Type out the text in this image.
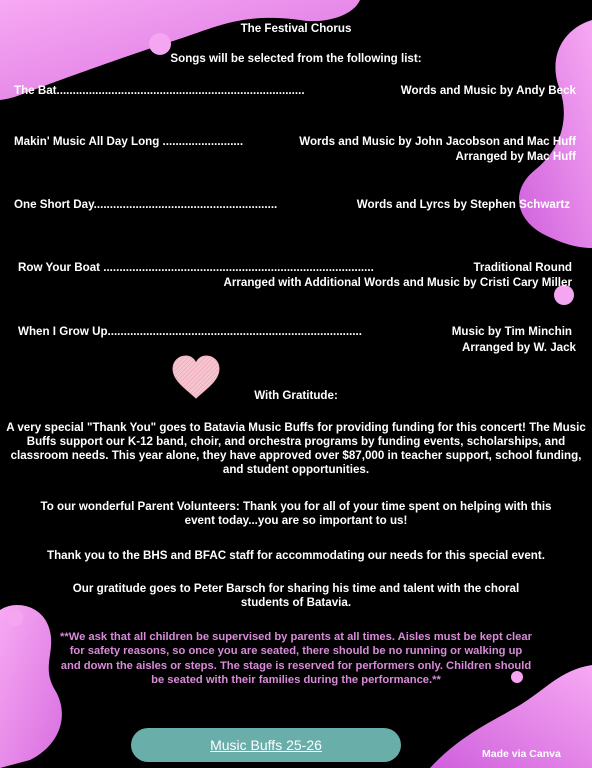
The Festival Chorus
Songs will be selected from the following list:
The Bat.............................................................................	Words and Music by Andy Beck
Makin' Music All Day Long .........................	Words and Music by John Jacobson and Mac Huff
Arranged by Mac Huff
One Short Day.........................................................	Words and Lyrcs by Stephen Schwartz
Row Your Boat ....................................................................................	Traditional Round
Arranged with Additional Words and Music by Cristi Cary Miller
When I Grow Up...............................................................................	Music by Tim Minchin
Arranged by W. Jack
With Gratitude:
A very special "Thank You" goes to Batavia Music Buffs for providing funding for this concert! The Music Buffs support our K-12 band, choir, and orchestra programs by funding events, scholarships, and classroom needs. This year alone, they have approved over $87,000 in teacher support, school funding, and student opportunities.
To our wonderful Parent Volunteers: Thank you for all of your time spent on helping with this event today...you are so important to us!
Thank you to the BHS and BFAC staff for accommodating our needs for this special event.
Our gratitude goes to Peter Barsch for sharing his time and talent with the choral students of Batavia.
**We ask that all children be supervised by parents at all times. Aisles must be kept clear for safety reasons, so once you are seated, there should be no running or walking up and down the aisles or steps. The stage is reserved for performers only. Children should be seated with their families during the performance.**
Music Buffs 25-26
Made via Canva
